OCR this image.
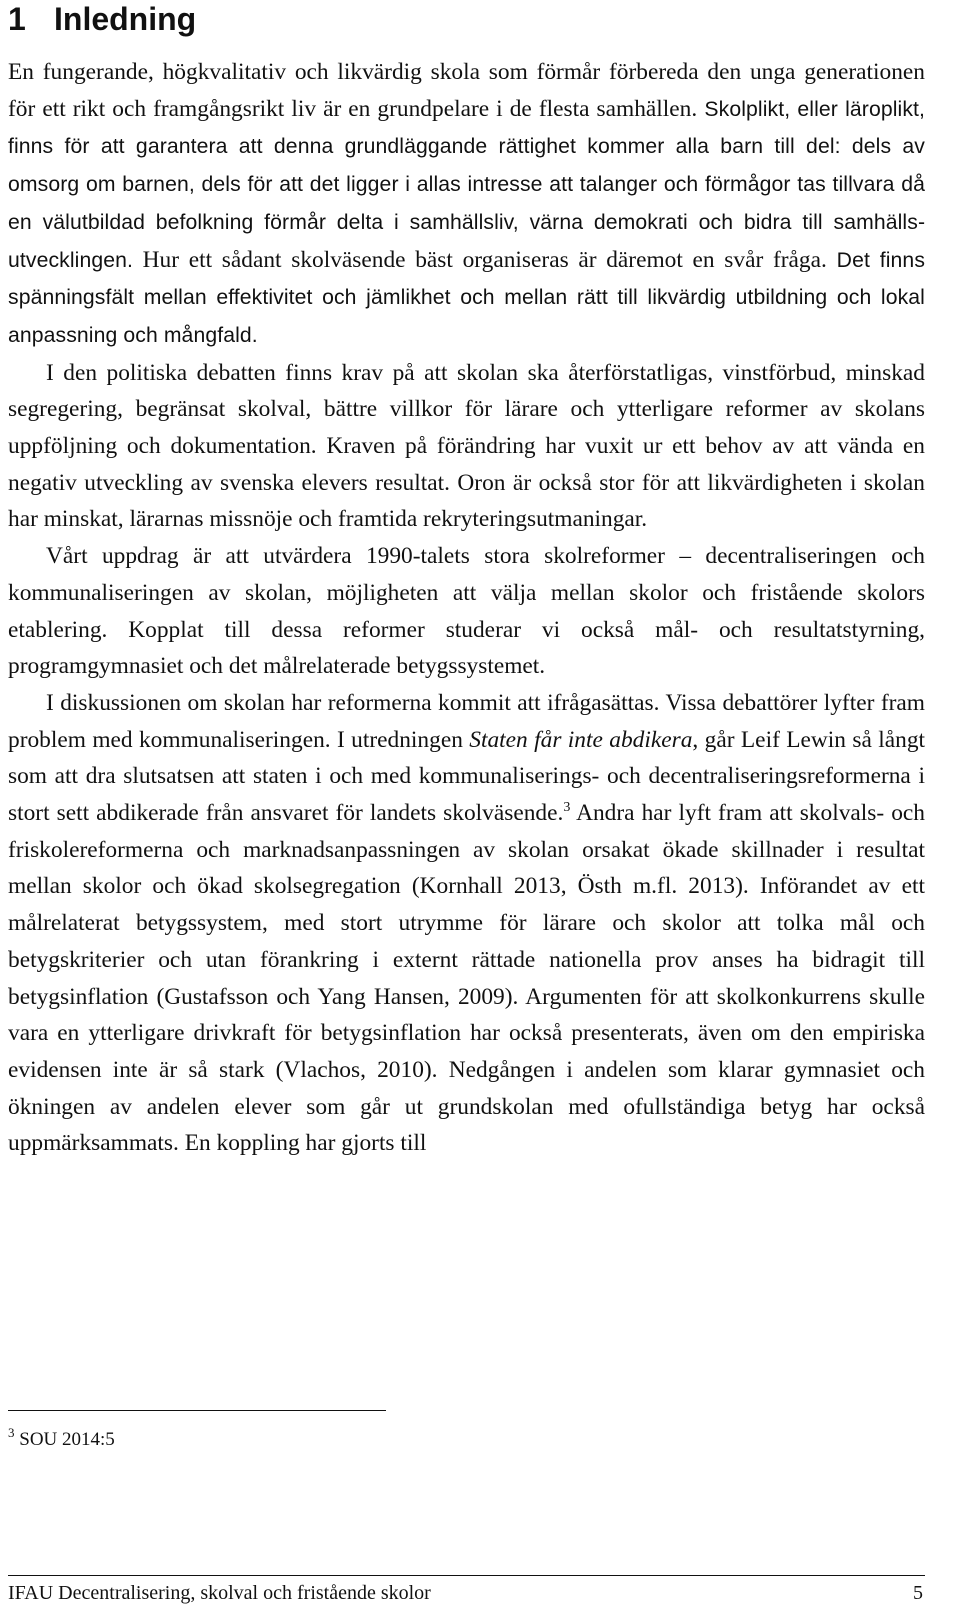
1 Inledning

En fungerande, högkvalitativ och likvärdig skola som förmår förbereda den unga generationen för ett rikt och framgångsrikt liv är en grundpelare i de flesta samhällen. Skolplikt, eller läroplikt, finns för att garantera att denna grundläggande rättighet kommer alla barn till del: dels av omsorg om barnen, dels för att det ligger i allas intresse att talanger och förmågor tas tillvara då en välutbildad befolkning förmår delta i samhällsliv, värna demokrati och bidra till samhällsutvecklingen. Hur ett sådant skolväsende bäst organiseras är däremot en svår fråga. Det finns spänningsfält mellan effektivitet och jämlikhet och mellan rätt till likvärdig utbildning och lokal anpassning och mångfald.

I den politiska debatten finns krav på att skolan ska återförstatligas, vinstförbud, minskad segregering, begränsat skolval, bättre villkor för lärare och ytterligare reformer av skolans uppföljning och dokumentation. Kraven på förändring har vuxit ur ett behov av att vända en negativ utveckling av svenska elevers resultat. Oron är också stor för att likvärdigheten i skolan har minskat, lärarnas missnöje och framtida rekryteringsutmaningar.

Vårt uppdrag är att utvärdera 1990-talets stora skolreformer – decentraliseringen och kommunaliseringen av skolan, möjligheten att välja mellan skolor och fristående skolors etablering. Kopplat till dessa reformer studerar vi också mål- och resultatstyrning, programgymnasiet och det målrelaterade betygssystemet.

I diskussionen om skolan har reformerna kommit att ifrågasättas. Vissa debattörer lyfter fram problem med kommunaliseringen. I utredningen Staten får inte abdikera, går Leif Lewin så långt som att dra slutsatsen att staten i och med kommunaliserings- och decentraliseringsreformerna i stort sett abdikerade från ansvaret för landets skolväsende.$^3$ Andra har lyft fram att skolvals- och friskolereformerna och marknadsanpassningen av skolan orsakat ökade skillnader i resultat mellan skolor och ökad skolsegregation (Kornhall 2013, Östh m.fl. 2013). Införandet av ett målrelaterat betygssystem, med stort utrymme för lärare och skolor att tolka mål och betygskriterier och utan förankring i externt rättade nationella prov anses ha bidragit till betygsinflation (Gustafsson och Yang Hansen, 2009). Argumenten för att skolkonkurrens skulle vara en ytterligare drivkraft för betygsinflation har också presenterats, även om den empiriska evidensen inte är så stark (Vlachos, 2010). Nedgången i andelen som klarar gymnasiet och ökningen av andelen elever som går ut grundskolan med ofullständiga betyg har också uppmärksammats. En koppling har gjorts till

$^3$ SOU 2014:5
IFAU Decentralisering, skolval och fristående skolor	5
